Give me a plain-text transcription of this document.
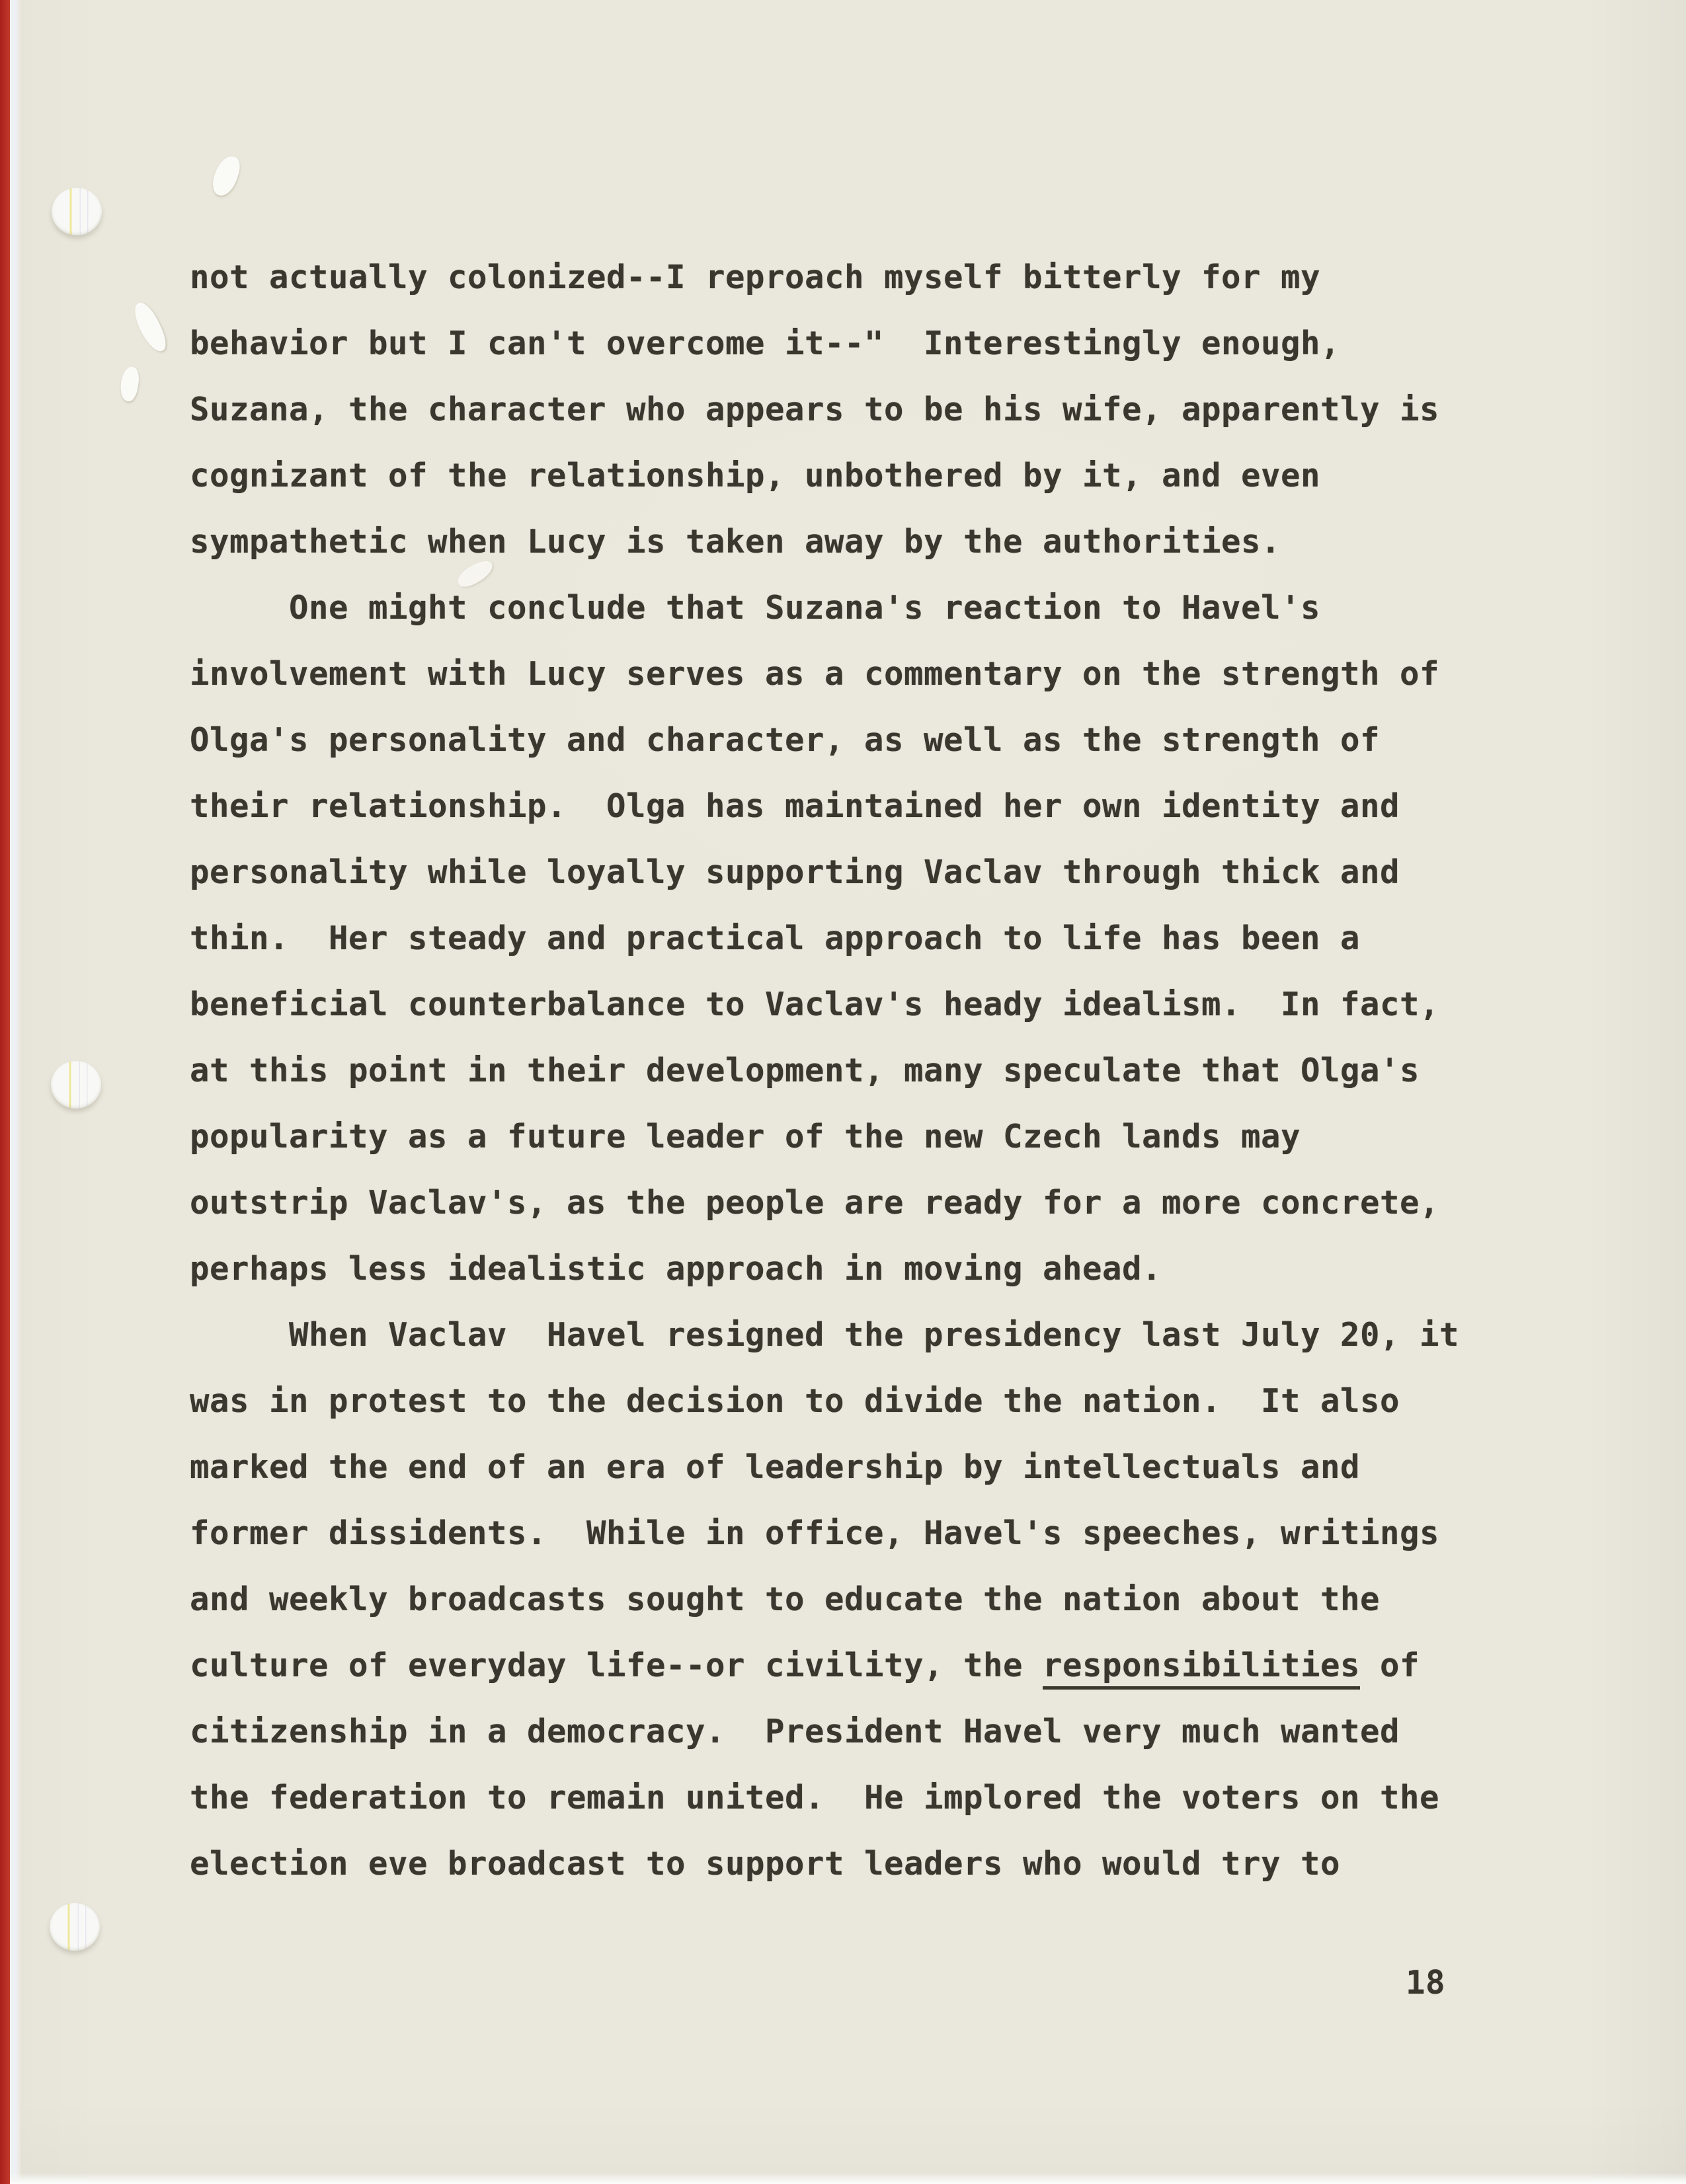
not actually colonized--I reproach myself bitterly for my
behavior but I can't overcome it--"  Interestingly enough,
Suzana, the character who appears to be his wife, apparently is
cognizant of the relationship, unbothered by it, and even
sympathetic when Lucy is taken away by the authorities.
One might conclude that Suzana's reaction to Havel's
involvement with Lucy serves as a commentary on the strength of
Olga's personality and character, as well as the strength of
their relationship.  Olga has maintained her own identity and
personality while loyally supporting Vaclav through thick and
thin.  Her steady and practical approach to life has been a
beneficial counterbalance to Vaclav's heady idealism.  In fact,
at this point in their development, many speculate that Olga's
popularity as a future leader of the new Czech lands may
outstrip Vaclav's, as the people are ready for a more concrete,
perhaps less idealistic approach in moving ahead.
When Vaclav  Havel resigned the presidency last July 20, it
was in protest to the decision to divide the nation.  It also
marked the end of an era of leadership by intellectuals and
former dissidents.  While in office, Havel's speeches, writings
and weekly broadcasts sought to educate the nation about the
culture of everyday life--or civility, the responsibilities of
citizenship in a democracy.  President Havel very much wanted
the federation to remain united.  He implored the voters on the
election eve broadcast to support leaders who would try to
18
